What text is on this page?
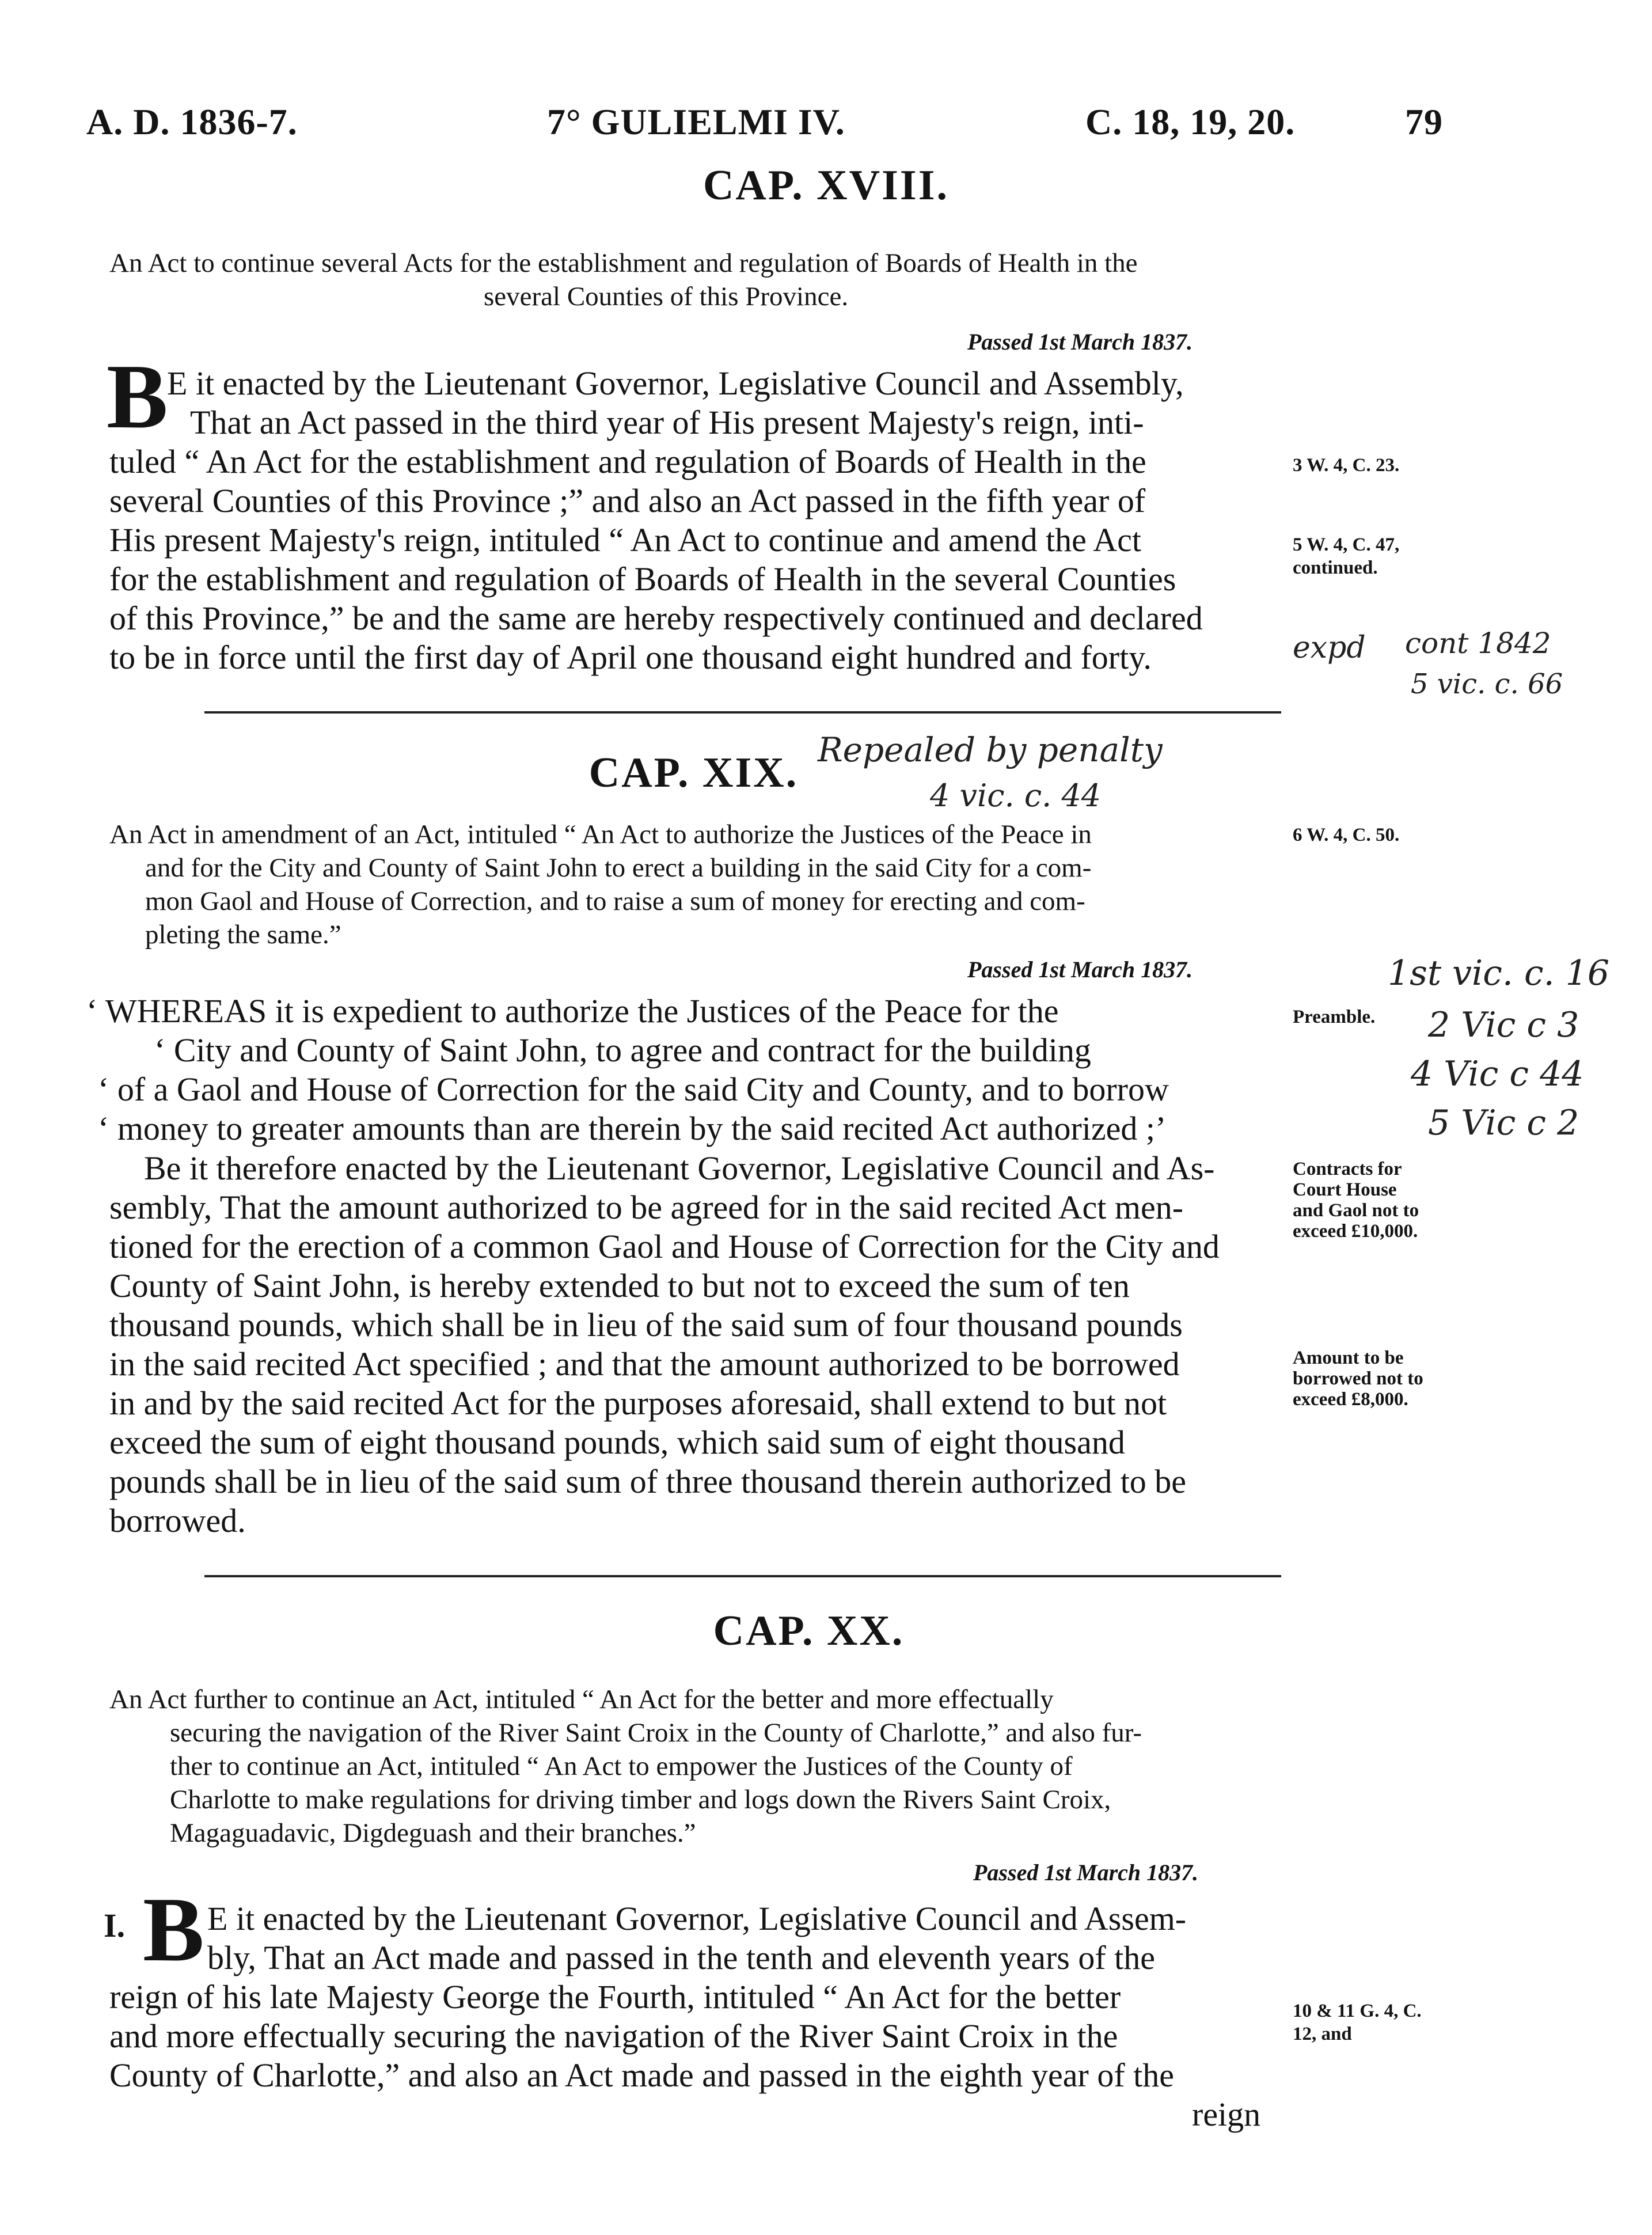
A. D. 1836-7.	7° GULIELMI IV.	C. 18, 19, 20.	79
CAP. XVIII.
An Act to continue several Acts for the establishment and regulation of Boards of Health in the
several Counties of this Province.
Passed 1st March 1837.
B
E it enacted by the Lieutenant Governor, Legislative Council and Assembly,
That an Act passed in the third year of His present Majesty's reign, inti-
tuled “ An Act for the establishment and regulation of Boards of Health in the
several Counties of this Province ;” and also an Act passed in the fifth year of
His present Majesty's reign, intituled “ An Act to continue and amend the Act
for the establishment and regulation of Boards of Health in the several Counties
of this Province,” be and the same are hereby respectively continued and declared
to be in force until the first day of April one thousand eight hundred and forty.
3 W. 4, C. 23.
5 W. 4, C. 47,
continued.
expd cont 1842
5 vic. c. 66
CAP. XIX. Repealed by penalty
4 vic. c. 44
An Act in amendment of an Act, intituled “ An Act to authorize the Justices of the Peace in
and for the City and County of Saint John to erect a building in the said City for a com-
mon Gaol and House of Correction, and to raise a sum of money for erecting and com-
pleting the same.”
6 W. 4, C. 50.
Passed 1st March 1837.
‘ WHEREAS it is expedient to authorize the Justices of the Peace for the
‘ City and County of Saint John, to agree and contract for the building
‘ of a Gaol and House of Correction for the said City and County, and to borrow
‘ money to greater amounts than are therein by the said recited Act authorized ;’
Preamble.
Be it therefore enacted by the Lieutenant Governor, Legislative Council and As-
sembly, That the amount authorized to be agreed for in the said recited Act men-
tioned for the erection of a common Gaol and House of Correction for the City and
County of Saint John, is hereby extended to but not to exceed the sum of ten
thousand pounds, which shall be in lieu of the said sum of four thousand pounds
in the said recited Act specified ; and that the amount authorized to be borrowed
in and by the said recited Act for the purposes aforesaid, shall extend to but not
exceed the sum of eight thousand pounds, which said sum of eight thousand
pounds shall be in lieu of the said sum of three thousand therein authorized to be
borrowed.
Contracts for
Court House
and Gaol not to
exceed £10,000.
Amount to be
borrowed not to
exceed £8,000.
1st vic. c. 16
2 Vic c 3
4 Vic c 44
5 Vic c 2
CAP. XX.
An Act further to continue an Act, intituled “ An Act for the better and more effectually
securing the navigation of the River Saint Croix in the County of Charlotte,” and also fur-
ther to continue an Act, intituled “ An Act to empower the Justices of the County of
Charlotte to make regulations for driving timber and logs down the Rivers Saint Croix,
Magaguadavic, Digdeguash and their branches.”
Passed 1st March 1837.
I. B E it enacted by the Lieutenant Governor, Legislative Council and Assem-
bly, That an Act made and passed in the tenth and eleventh years of the
reign of his late Majesty George the Fourth, intituled “ An Act for the better
and more effectually securing the navigation of the River Saint Croix in the
County of Charlotte,” and also an Act made and passed in the eighth year of the
reign
10 & 11 G. 4, C.
12, and
